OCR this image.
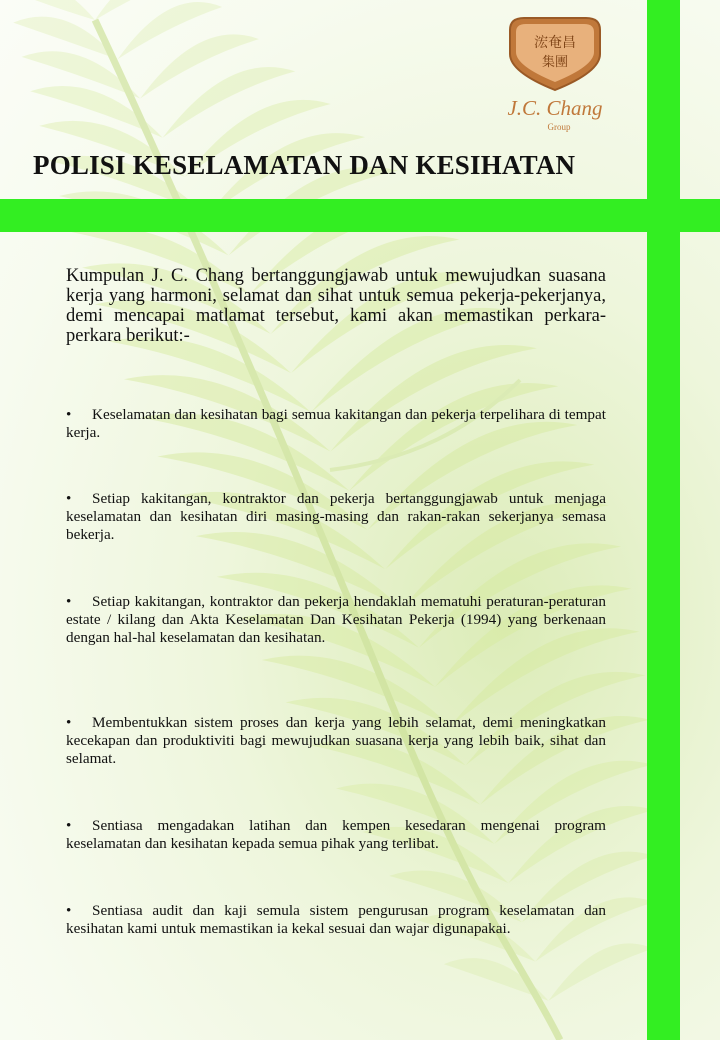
浤奄昌
集團
J.C. Chang
Group
POLISI KESELAMATAN DAN KESIHATAN

Kumpulan J. C. Chang bertanggungjawab untuk mewujudkan suasana kerja yang harmoni, selamat dan sihat untuk semua pekerja-pekerjanya, demi mencapai matlamat tersebut, kami akan memastikan perkara-perkara berikut:-

• Keselamatan dan kesihatan bagi semua kakitangan dan pekerja terpelihara di tempat kerja.

• Setiap kakitangan, kontraktor dan pekerja bertanggungjawab untuk menjaga keselamatan dan kesihatan diri masing-masing dan rakan-rakan sekerjanya semasa bekerja.

• Setiap kakitangan, kontraktor dan pekerja hendaklah mematuhi peraturan-peraturan estate / kilang dan Akta Keselamatan Dan Kesihatan Pekerja (1994) yang berkenaan dengan hal-hal keselamatan dan kesihatan.

• Membentukkan sistem proses dan kerja yang lebih selamat, demi meningkatkan kecekapan dan produktiviti bagi mewujudkan suasana kerja yang lebih baik, sihat dan selamat.

• Sentiasa mengadakan latihan dan kempen kesedaran mengenai program keselamatan dan kesihatan kepada semua pihak yang terlibat.

• Sentiasa audit dan kaji semula sistem pengurusan program keselamatan dan kesihatan kami untuk memastikan ia kekal sesuai dan wajar digunapakai.
